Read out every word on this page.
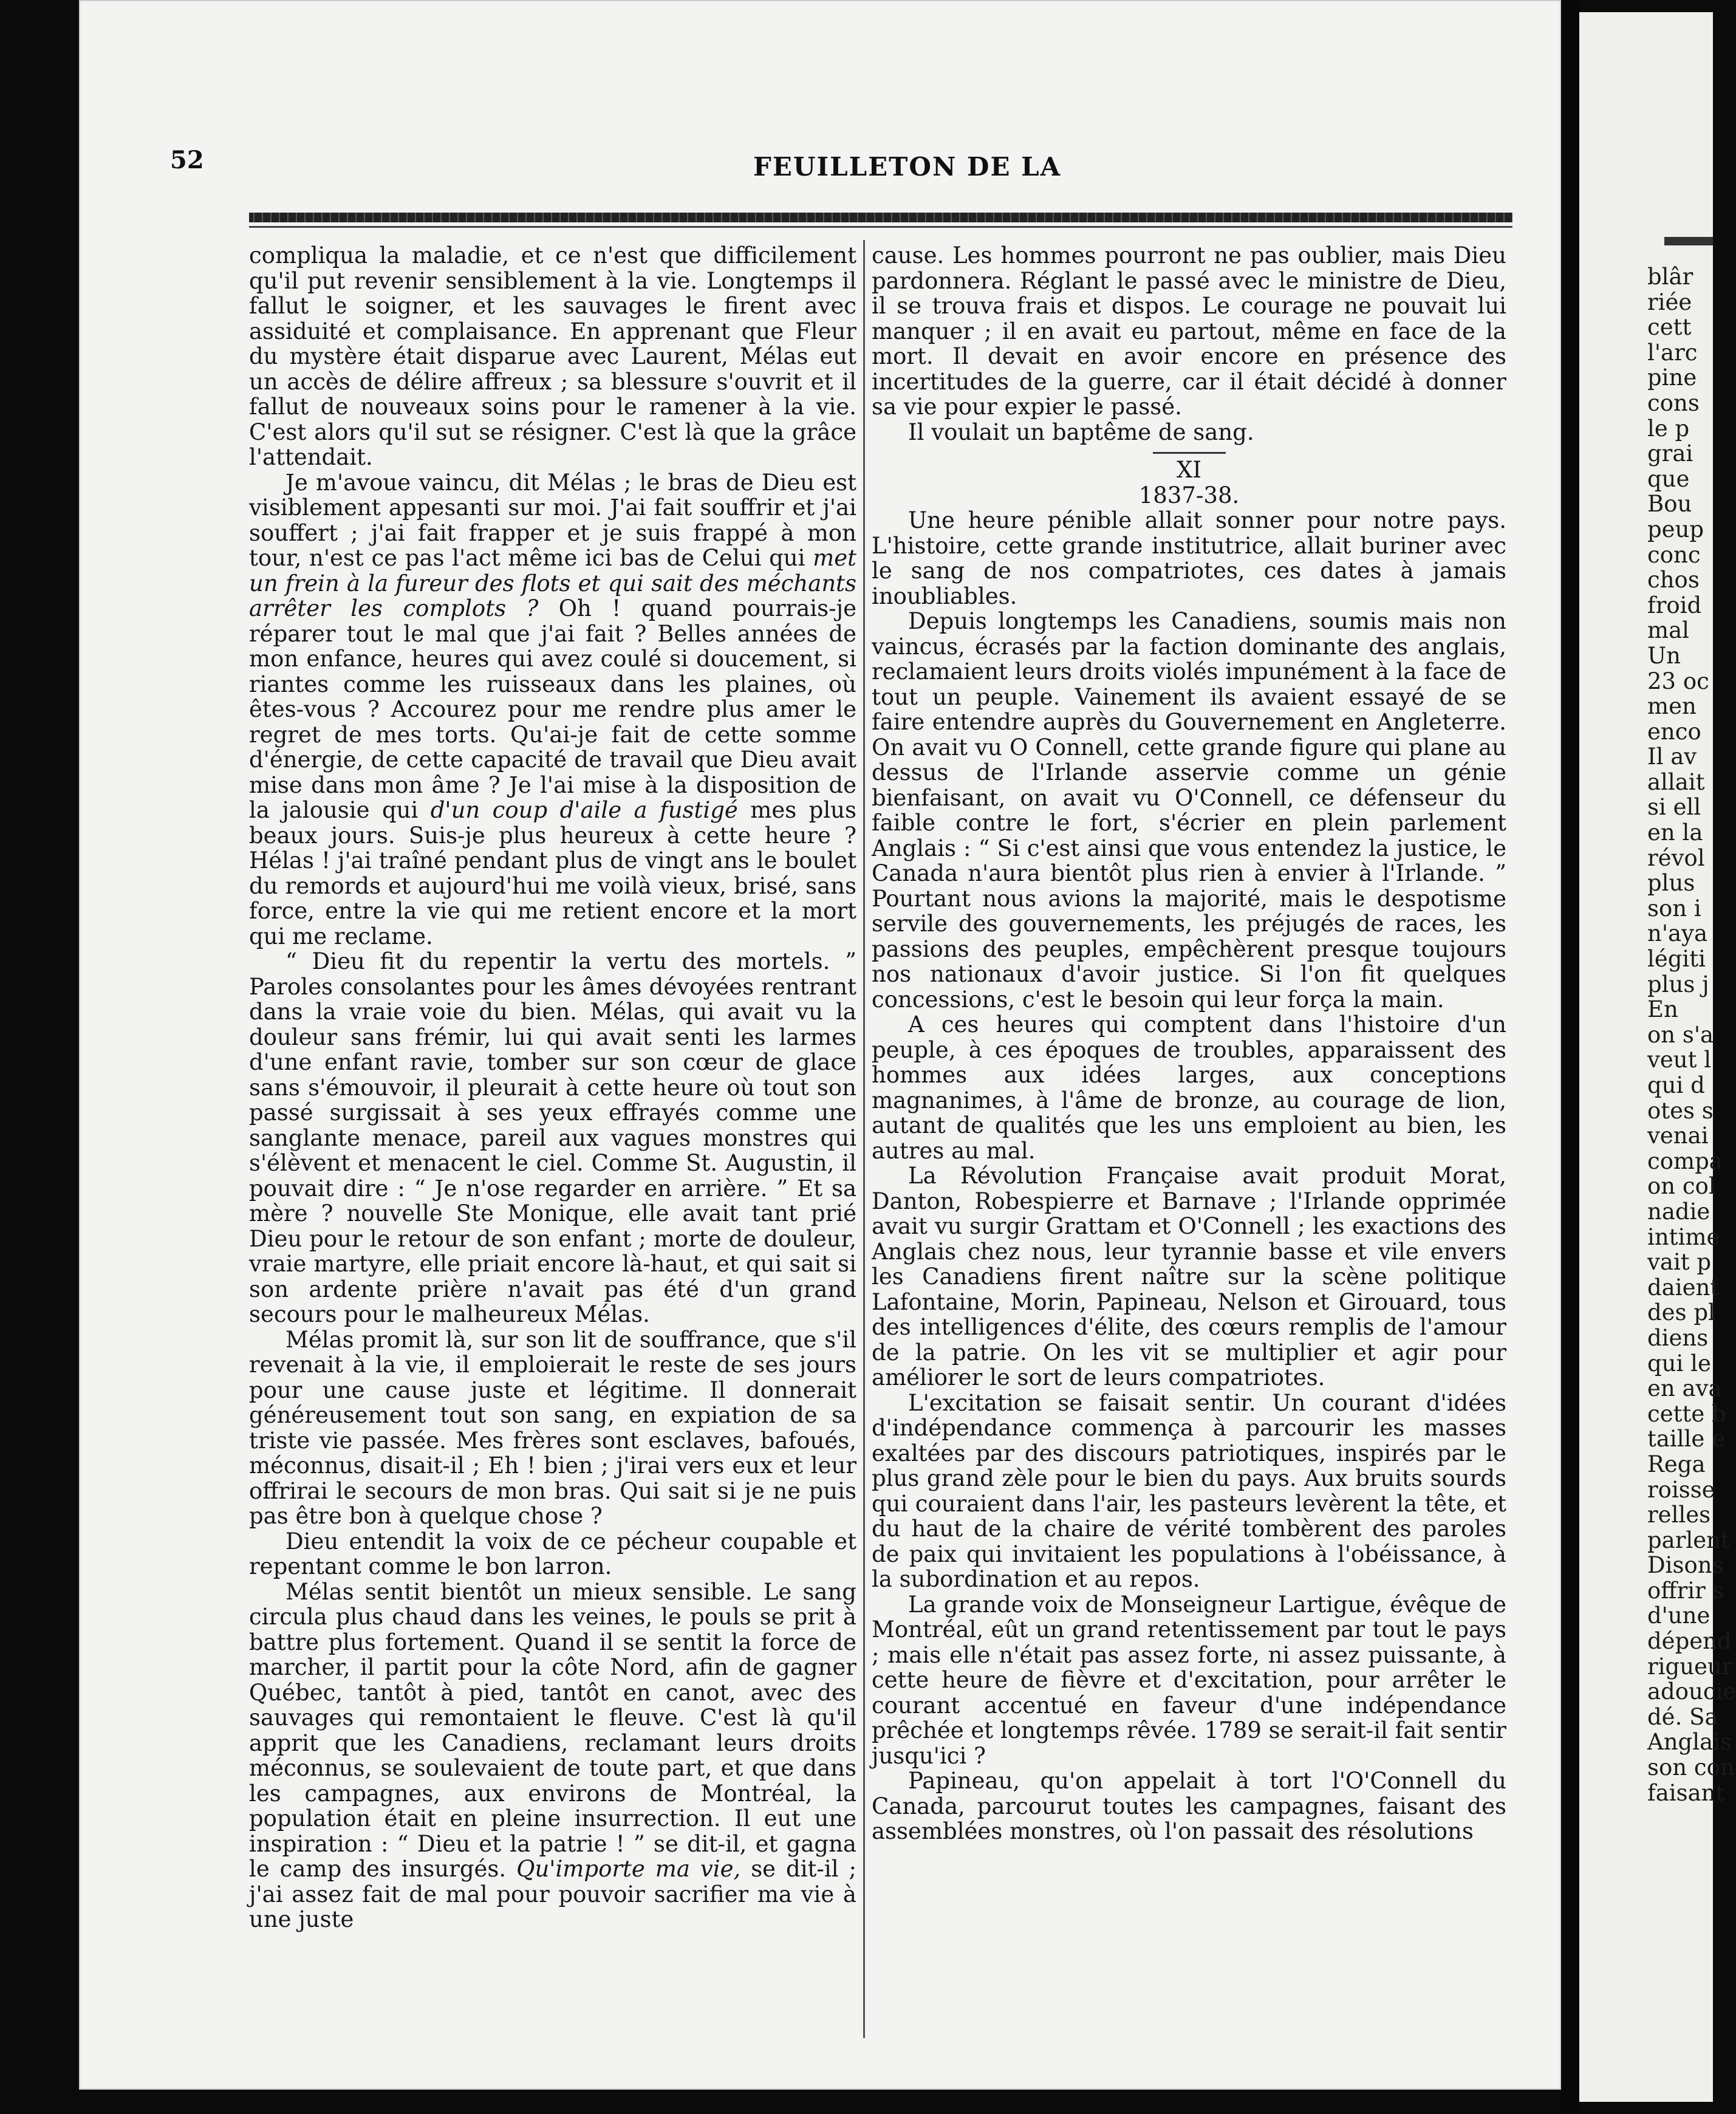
52	FEUILLETON DE LA

compliqua la maladie, et ce n'est que difficilement qu'il put revenir sensiblement à la vie. Longtemps il fallut le soigner, et les sauvages le firent avec assiduité et complaisance. En apprenant que Fleur du mystère était disparue avec Laurent, Mélas eut un accès de délire affreux ; sa blessure s'ouvrit et il fallut de nouveaux soins pour le ramener à la vie. C'est alors qu'il sut se résigner. C'est là que la grâce l'attendait.

Je m'avoue vaincu, dit Mélas ; le bras de Dieu est visiblement appesanti sur moi. J'ai fait souffrir et j'ai souffert ; j'ai fait frapper et je suis frappé à mon tour, n'est ce pas l'act même ici bas de Celui qui met un frein à la fureur des flots et qui sait des méchants arrêter les complots ? Oh ! quand pourrais-je réparer tout le mal que j'ai fait ? Belles années de mon enfance, heures qui avez coulé si doucement, si riantes comme les ruisseaux dans les plaines, où êtes-vous ? Accourez pour me rendre plus amer le regret de mes torts. Qu'ai-je fait de cette somme d'énergie, de cette capacité de travail que Dieu avait mise dans mon âme ? Je l'ai mise à la disposition de la jalousie qui d'un coup d'aile a fustigé mes plus beaux jours. Suis-je plus heureux à cette heure ? Hélas ! j'ai traîné pendant plus de vingt ans le boulet du remords et aujourd'hui me voilà vieux, brisé, sans force, entre la vie qui me retient encore et la mort qui me reclame.

“ Dieu fit du repentir la vertu des mortels. ” Paroles consolantes pour les âmes dévoyées rentrant dans la vraie voie du bien. Mélas, qui avait vu la douleur sans frémir, lui qui avait senti les larmes d'une enfant ravie, tomber sur son cœur de glace sans s'émouvoir, il pleurait à cette heure où tout son passé surgissait à ses yeux effrayés comme une sanglante menace, pareil aux vagues monstres qui s'élèvent et menacent le ciel. Comme St. Augustin, il pouvait dire : “ Je n'ose regarder en arrière. ” Et sa mère ? nouvelle Ste Monique, elle avait tant prié Dieu pour le retour de son enfant ; morte de douleur, vraie martyre, elle priait encore là-haut, et qui sait si son ardente prière n'avait pas été d'un grand secours pour le malheureux Mélas.

Mélas promit là, sur son lit de souffrance, que s'il revenait à la vie, il emploierait le reste de ses jours pour une cause juste et légitime. Il donnerait généreusement tout son sang, en expiation de sa triste vie passée. Mes frères sont esclaves, bafoués, méconnus, disait-il ; Eh ! bien ; j'irai vers eux et leur offrirai le secours de mon bras. Qui sait si je ne puis pas être bon à quelque chose ?

Dieu entendit la voix de ce pécheur coupable et repentant comme le bon larron.

Mélas sentit bientôt un mieux sensible. Le sang circula plus chaud dans les veines, le pouls se prit à battre plus fortement. Quand il se sentit la force de marcher, il partit pour la côte Nord, afin de gagner Québec, tantôt à pied, tantôt en canot, avec des sauvages qui remontaient le fleuve. C'est là qu'il apprit que les Canadiens, reclamant leurs droits méconnus, se soulevaient de toute part, et que dans les campagnes, aux environs de Montréal, la population était en pleine insurrection. Il eut une inspiration : “ Dieu et la patrie ! ” se dit-il, et gagna le camp des insurgés. Qu'importe ma vie, se dit-il ; j'ai assez fait de mal pour pouvoir sacrifier ma vie à une juste

cause. Les hommes pourront ne pas oublier, mais Dieu pardonnera. Réglant le passé avec le ministre de Dieu, il se trouva frais et dispos. Le courage ne pouvait lui manquer ; il en avait eu partout, même en face de la mort. Il devait en avoir encore en présence des incertitudes de la guerre, car il était décidé à donner sa vie pour expier le passé.

Il voulait un baptême de sang.

XI

1837-38.

Une heure pénible allait sonner pour notre pays. L'histoire, cette grande institutrice, allait buriner avec le sang de nos compatriotes, ces dates à jamais inoubliables.

Depuis longtemps les Canadiens, soumis mais non vaincus, écrasés par la faction dominante des anglais, reclamaient leurs droits violés impunément à la face de tout un peuple. Vainement ils avaient essayé de se faire entendre auprès du Gouvernement en Angleterre. On avait vu O Connell, cette grande figure qui plane au dessus de l'Irlande asservie comme un génie bienfaisant, on avait vu O'Connell, ce défenseur du faible contre le fort, s'écrier en plein parlement Anglais : “ Si c'est ainsi que vous entendez la justice, le Canada n'aura bientôt plus rien à envier à l'Irlande. ” Pourtant nous avions la majorité, mais le despotisme servile des gouvernements, les préjugés de races, les passions des peuples, empêchèrent presque toujours nos nationaux d'avoir justice. Si l'on fit quelques concessions, c'est le besoin qui leur força la main.

A ces heures qui comptent dans l'histoire d'un peuple, à ces époques de troubles, apparaissent des hommes aux idées larges, aux conceptions magnanimes, à l'âme de bronze, au courage de lion, autant de qualités que les uns emploient au bien, les autres au mal.

La Révolution Française avait produit Morat, Danton, Robespierre et Barnave ; l'Irlande opprimée avait vu surgir Grattam et O'Connell ; les exactions des Anglais chez nous, leur tyrannie basse et vile envers les Canadiens firent naître sur la scène politique Lafontaine, Morin, Papineau, Nelson et Girouard, tous des intelligences d'élite, des cœurs remplis de l'amour de la patrie. On les vit se multiplier et agir pour améliorer le sort de leurs compatriotes.

L'excitation se faisait sentir. Un courant d'idées d'indépendance commença à parcourir les masses exaltées par des discours patriotiques, inspirés par le plus grand zèle pour le bien du pays. Aux bruits sourds qui couraient dans l'air, les pasteurs levèrent la tête, et du haut de la chaire de vérité tombèrent des paroles de paix qui invitaient les populations à l'obéissance, à la subordination et au repos.

La grande voix de Monseigneur Lartigue, évêque de Montréal, eût un grand retentissement par tout le pays ; mais elle n'était pas assez forte, ni assez puissante, à cette heure de fièvre et d'excitation, pour arrêter le courant accentué en faveur d'une indépendance prêchée et longtemps rêvée. 1789 se serait-il fait sentir jusqu'ici ?

Papineau, qu'on appelait à tort l'O'Connell du Canada, parcourut toutes les campagnes, faisant des assemblées monstres, où l'on passait des résolutions

blâr
riée
cett
l'arc
pine
cons
le p
grai
que
Bou
peup
conc
chos
froid
mal
Un
23 oc
men
enco
Il av
allait
si ell
en la
révol
plus
son i
n'aya
légiti
plus j
En
on s'a
veut l
qui d
otes s
venai
compa
on col
nadie
intime
vait p
daient
des pl
diens
qui le
en ava
cette b
taille e
Rega
roisse
relles
parlent
Disons
offrir s
d'une
dépend
rigueur
adoucie
dé. Sa
Anglais
son con
faisant
